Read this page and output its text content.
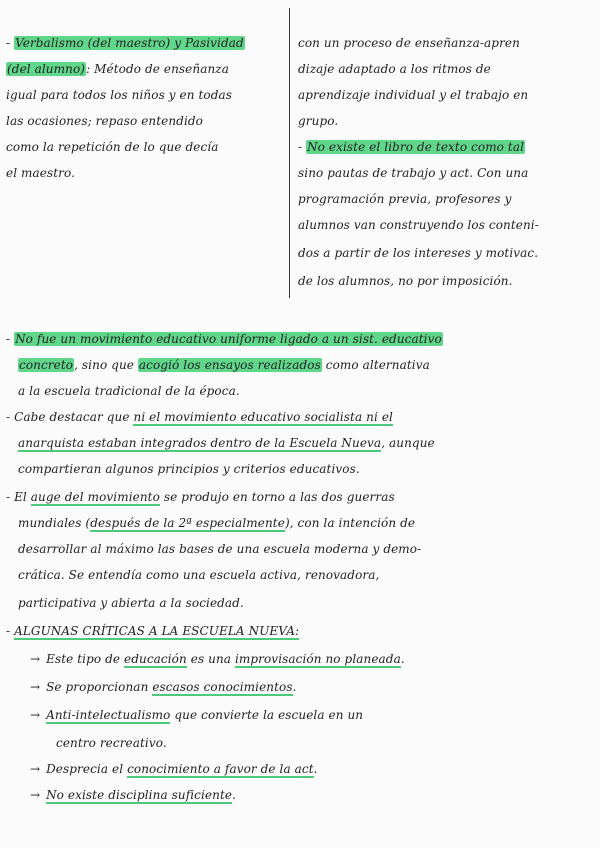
- Verbalismo (del maestro) y Pasividad
(del alumno): Método de enseñanza
igual para todos los niños y en todas
las ocasiones; repaso entendido
como la repetición de lo que decía
el maestro.
con un proceso de enseñanza-apren
dizaje adaptado a los ritmos de
aprendizaje individual y el trabajo en
grupo.
- No existe el libro de texto como tal
sino pautas de trabajo y act. Con una
programación previa, profesores y
alumnos van construyendo los conteni-
dos a partir de los intereses y motivac.
de los alumnos, no por imposición.
- No fue un movimiento educativo uniforme ligado a un sist. educativo
concreto, sino que acogió los ensayos realizados como alternativa
a la escuela tradicional de la época.
- Cabe destacar que ni el movimiento educativo socialista ni el
anarquista estaban integrados dentro de la Escuela Nueva, aunque
compartieran algunos principios y criterios educativos.
- El auge del movimiento se produjo en torno a las dos guerras
mundiales (después de la 2ª especialmente), con la intención de
desarrollar al máximo las bases de una escuela moderna y demo-
crática. Se entendía como una escuela activa, renovadora,
participativa y abierta a la sociedad.
- ALGUNAS CRÍTICAS A LA ESCUELA NUEVA:
→ Este tipo de educación es una improvisación no planeada.
→ Se proporcionan escasos conocimientos.
→ Anti-intelectualismo que convierte la escuela en un
centro recreativo.
→ Desprecia el conocimiento a favor de la act.
→ No existe disciplina suficiente.
